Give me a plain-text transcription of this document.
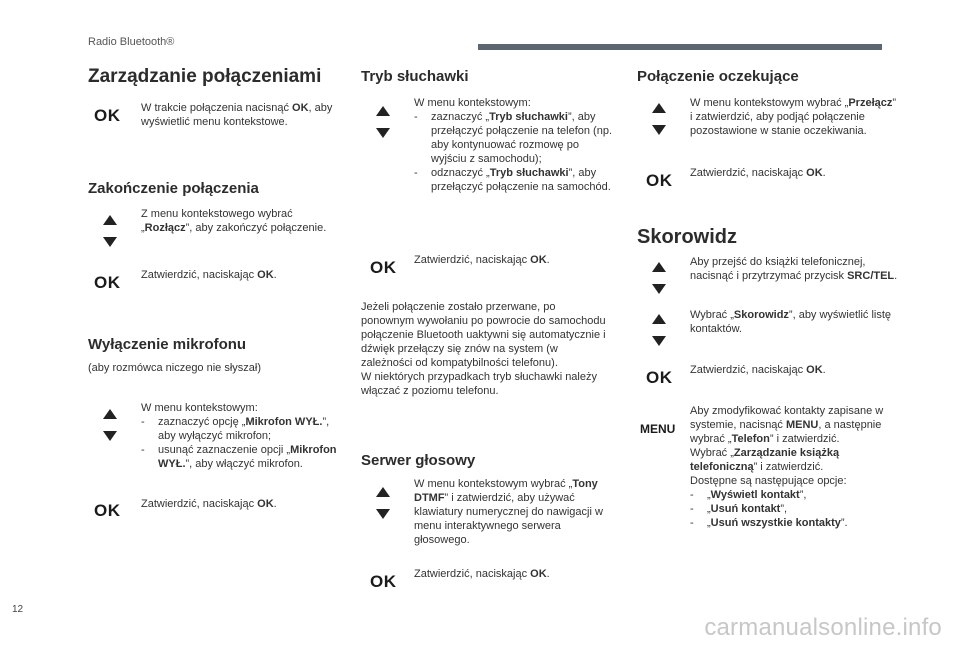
Radio Bluetooth®
Zarządzanie połączeniami
OK W trakcie połączenia nacisnąć OK, aby wyświetlić menu kontekstowe.
Zakończenie połączenia
Z menu kontekstowego wybrać „Rozłącz”, aby zakończyć połączenie.
OK Zatwierdzić, naciskając OK.
Wyłączenie mikrofonu
(aby rozmówca niczego nie słyszał)
W menu kontekstowym:
- zaznaczyć opcję „Mikrofon WYŁ.”, aby wyłączyć mikrofon;
- usunąć zaznaczenie opcji „Mikrofon WYŁ.”, aby włączyć mikrofon.
OK Zatwierdzić, naciskając OK.
Tryb słuchawki
W menu kontekstowym:
- zaznaczyć „Tryb słuchawki”, aby przełączyć połączenie na telefon (np. aby kontynuować rozmowę po wyjściu z samochodu);
- odznaczyć „Tryb słuchawki”, aby przełączyć połączenie na samochód.
OK Zatwierdzić, naciskając OK.
Jeżeli połączenie zostało przerwane, po ponownym wywołaniu po powrocie do samochodu połączenie Bluetooth uaktywni się automatycznie i dźwięk przełączy się znów na system (w zależności od kompatybilności telefonu).
W niektórych przypadkach tryb słuchawki należy włączać z poziomu telefonu.
Serwer głosowy
W menu kontekstowym wybrać „Tony DTMF” i zatwierdzić, aby używać klawiatury numerycznej do nawigacji w menu interaktywnego serwera głosowego.
OK Zatwierdzić, naciskając OK.
Połączenie oczekujące
W menu kontekstowym wybrać „Przełącz” i zatwierdzić, aby podjąć połączenie pozostawione w stanie oczekiwania.
OK Zatwierdzić, naciskając OK.
Skorowidz
Aby przejść do książki telefonicznej, nacisnąć i przytrzymać przycisk SRC/TEL.
Wybrać „Skorowidz”, aby wyświetlić listę kontaktów.
OK Zatwierdzić, naciskając OK.
MENU
Aby zmodyfikować kontakty zapisane w systemie, nacisnąć MENU, a następnie wybrać „Telefon” i zatwierdzić.
Wybrać „Zarządzanie książką telefoniczną” i zatwierdzić.
Dostępne są następujące opcje:
- „Wyświetl kontakt”,
- „Usuń kontakt”,
- „Usuń wszystkie kontakty”.
12
carmanualsonline.info
